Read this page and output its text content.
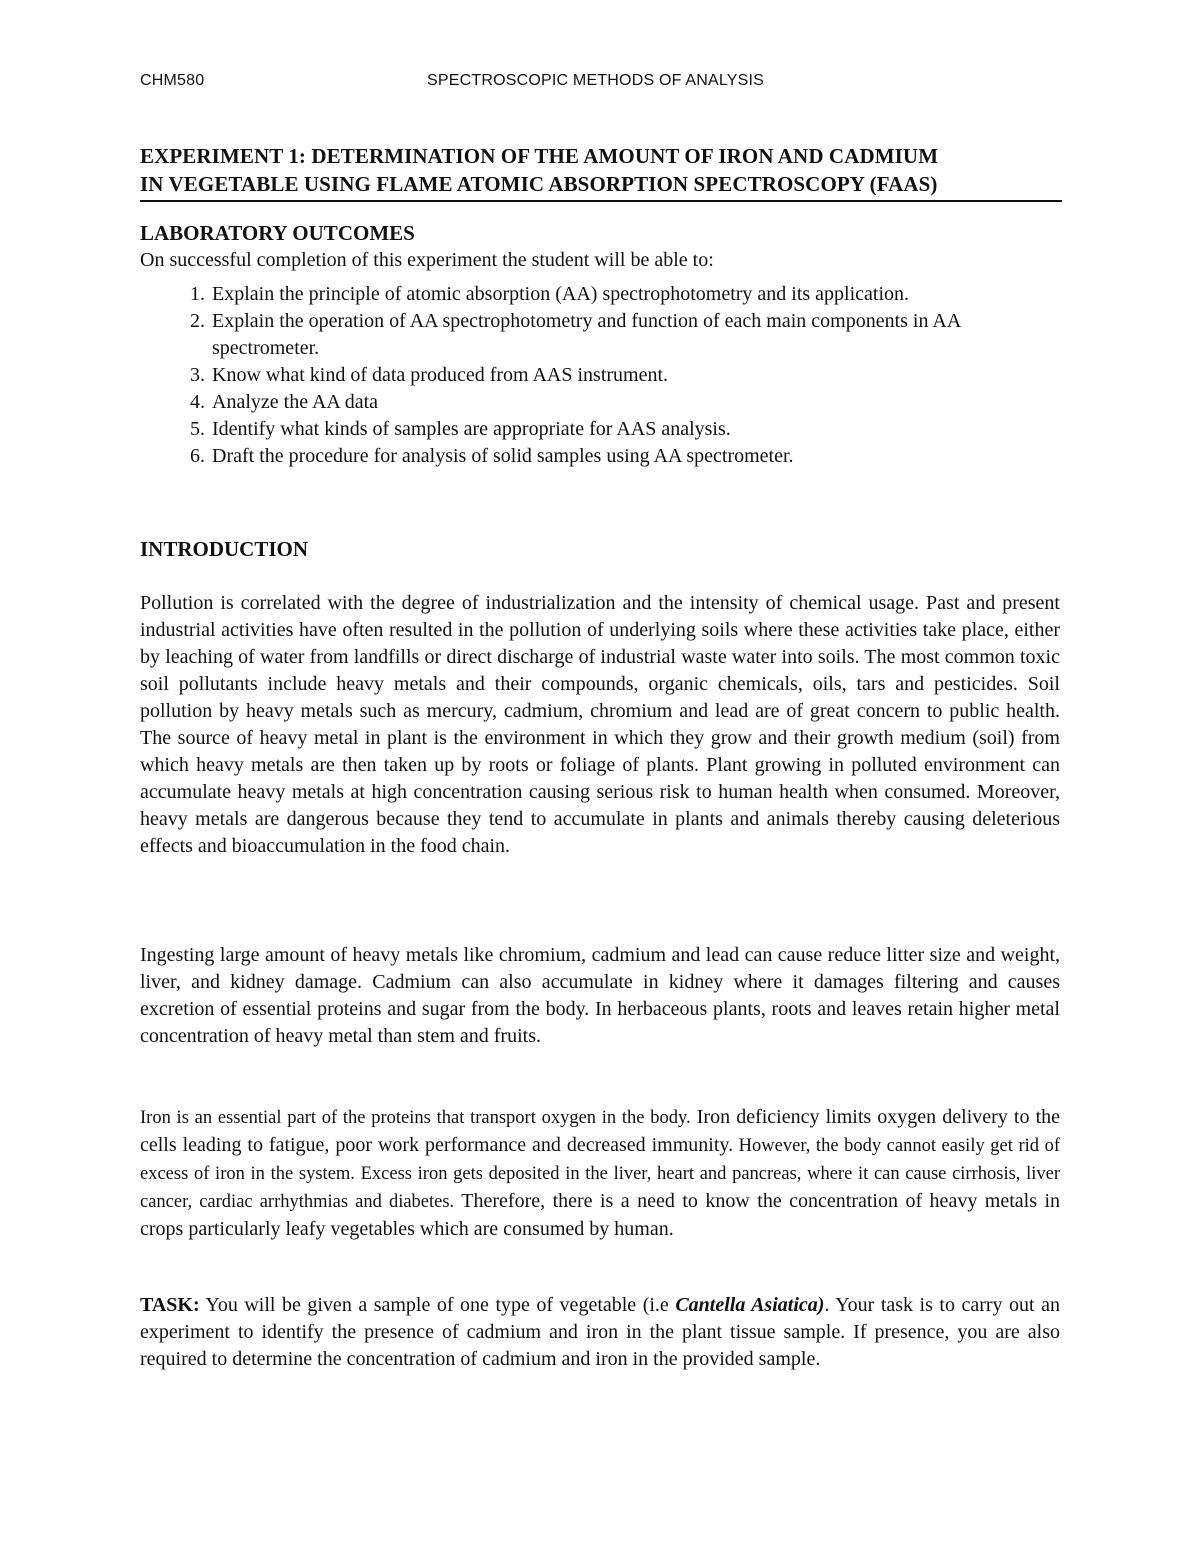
CHM580	SPECTROSCOPIC METHODS OF ANALYSIS
EXPERIMENT 1: DETERMINATION OF THE AMOUNT OF IRON AND CADMIUM
IN VEGETABLE USING FLAME ATOMIC ABSORPTION SPECTROSCOPY (FAAS)
LABORATORY OUTCOMES

On successful completion of this experiment the student will be able to:

1. Explain the principle of atomic absorption (AA) spectrophotometry and its application.
2. Explain the operation of AA spectrophotometry and function of each main components in AA spectrometer.
3. Know what kind of data produced from AAS instrument.
4. Analyze the AA data
5. Identify what kinds of samples are appropriate for AAS analysis.
6. Draft the procedure for analysis of solid samples using AA spectrometer.
INTRODUCTION

Pollution is correlated with the degree of industrialization and the intensity of chemical usage. Past and present industrial activities have often resulted in the pollution of underlying soils where these activities take place, either by leaching of water from landfills or direct discharge of industrial waste water into soils. The most common toxic soil pollutants include heavy metals and their compounds, organic chemicals, oils, tars and pesticides. Soil pollution by heavy metals such as mercury, cadmium, chromium and lead are of great concern to public health. The source of heavy metal in plant is the environment in which they grow and their growth medium (soil) from which heavy metals are then taken up by roots or foliage of plants. Plant growing in polluted environment can accumulate heavy metals at high concentration causing serious risk to human health when consumed. Moreover, heavy metals are dangerous because they tend to accumulate in plants and animals thereby causing deleterious effects and bioaccumulation in the food chain.

Ingesting large amount of heavy metals like chromium, cadmium and lead can cause reduce litter size and weight, liver, and kidney damage. Cadmium can also accumulate in kidney where it damages filtering and causes excretion of essential proteins and sugar from the body. In herbaceous plants, roots and leaves retain higher metal concentration of heavy metal than stem and fruits.

Iron is an essential part of the proteins that transport oxygen in the body. Iron deficiency limits oxygen delivery to the cells leading to fatigue, poor work performance and decreased immunity. However, the body cannot easily get rid of excess of iron in the system. Excess iron gets deposited in the liver, heart and pancreas, where it can cause cirrhosis, liver cancer, cardiac arrhythmias and diabetes. Therefore, there is a need to know the concentration of heavy metals in crops particularly leafy vegetables which are consumed by human.

TASK: You will be given a sample of one type of vegetable (i.e Cantella Asiatica). Your task is to carry out an experiment to identify the presence of cadmium and iron in the plant tissue sample. If presence, you are also required to determine the concentration of cadmium and iron in the provided sample.
